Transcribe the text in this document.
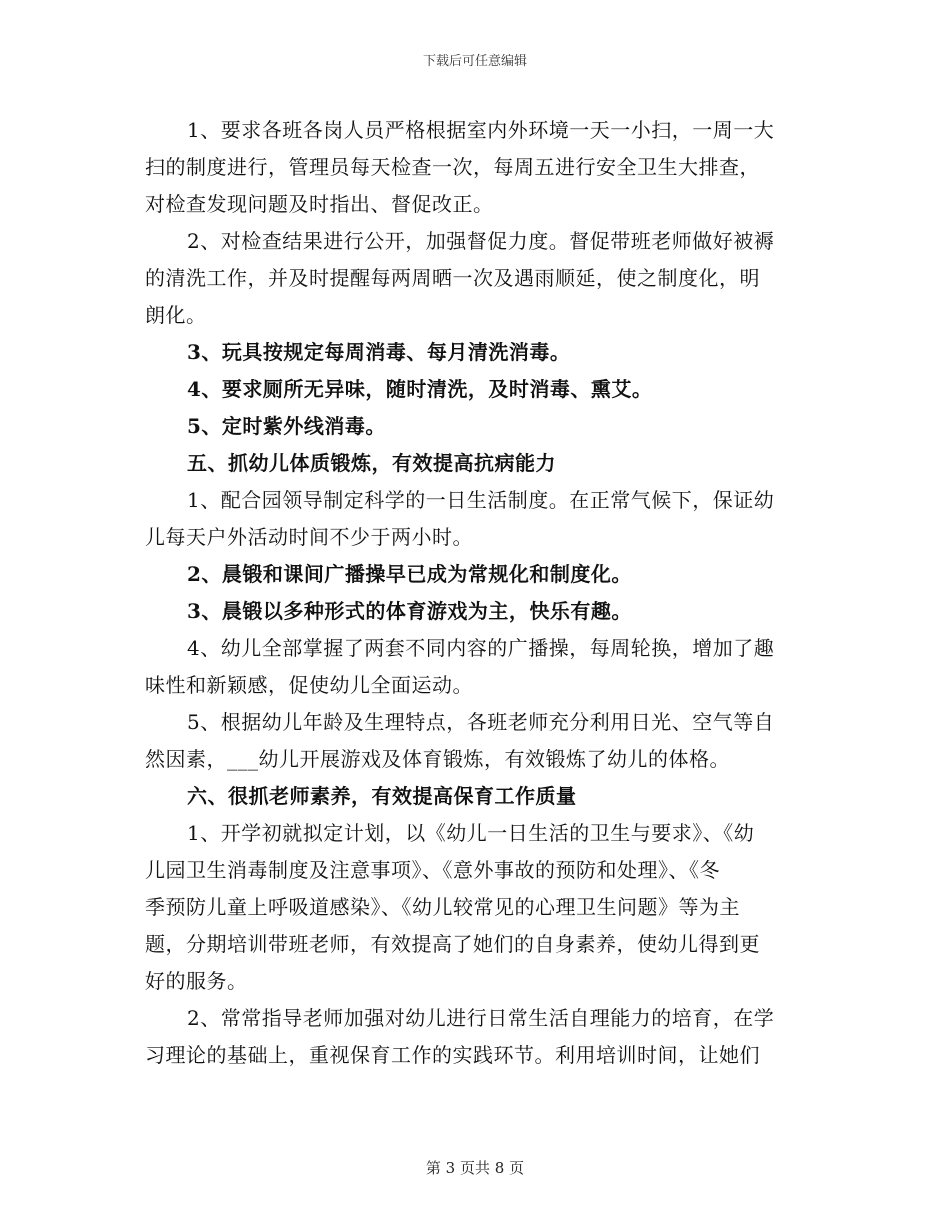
下载后可任意编辑
1、要求各班各岗人员严格根据室内外环境一天一小扫，一周一大
扫的制度进行，管理员每天检查一次，每周五进行安全卫生大排查，
对检查发现问题及时指出、督促改正。
2、对检查结果进行公开，加强督促力度。督促带班老师做好被褥
的清洗工作，并及时提醒每两周晒一次及遇雨顺延，使之制度化，明
朗化。
3、玩具按规定每周消毒、每月清洗消毒。
4、要求厕所无异味，随时清洗，及时消毒、熏艾。
5、定时紫外线消毒。
五、抓幼儿体质锻炼，有效提高抗病能力
1、配合园领导制定科学的一日生活制度。在正常气候下，保证幼
儿每天户外活动时间不少于两小时。
2、晨锻和课间广播操早已成为常规化和制度化。
3、晨锻以多种形式的体育游戏为主，快乐有趣。
4、幼儿全部掌握了两套不同内容的广播操，每周轮换，增加了趣
味性和新颖感，促使幼儿全面运动。
5、根据幼儿年龄及生理特点，各班老师充分利用日光、空气等自
然因素，___幼儿开展游戏及体育锻炼，有效锻炼了幼儿的体格。
六、很抓老师素养，有效提高保育工作质量
1、开学初就拟定计划，以《幼儿一日生活的卫生与要求》、《幼
儿园卫生消毒制度及注意事项》、《意外事故的预防和处理》、《冬
季预防儿童上呼吸道感染》、《幼儿较常见的心理卫生问题》等为主
题，分期培训带班老师，有效提高了她们的自身素养，使幼儿得到更
好的服务。
2、常常指导老师加强对幼儿进行日常生活自理能力的培育，在学
习理论的基础上，重视保育工作的实践环节。利用培训时间，让她们
第 3 页共 8 页
